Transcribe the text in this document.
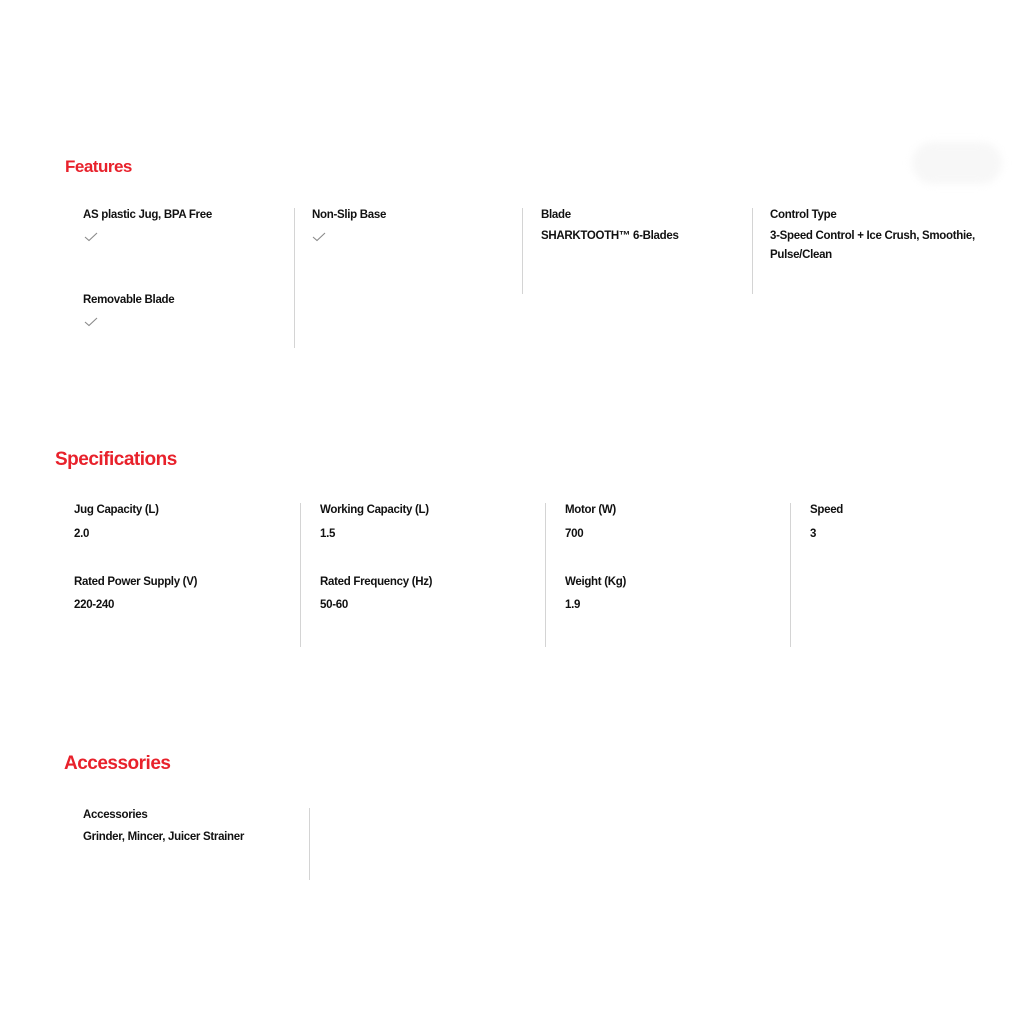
Features

AS plastic Jug, BPA Free	Non-Slip Base	Blade

SHARKTOOTH™ 6-Blades

Control Type

3-Speed Control + Ice Crush, Smoothie, Pulse/Clean

Removable Blade

Specifications

Jug Capacity (L)

2.0

Working Capacity (L)

1.5

Motor (W)

700

Speed

3

Rated Power Supply (V)

220-240

Rated Frequency (Hz)

50-60

Weight (Kg)

1.9

Accessories

Accessories

Grinder, Mincer, Juicer Strainer
